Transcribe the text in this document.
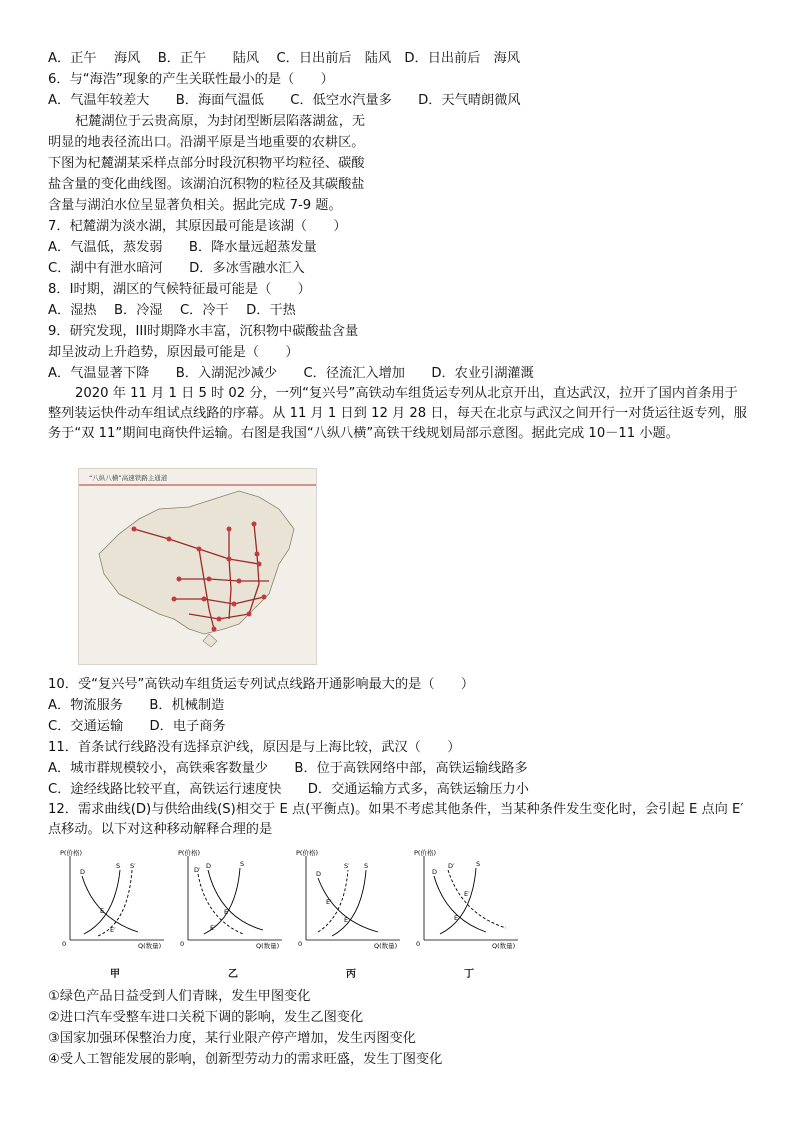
A．正午　 海风　 B．正午　　陆风　 C．日出前后　陆风　D．日出前后　海风
6．与“海浩”现象的产生关联性最小的是（　　）
A．气温年较差大　　B．海面气温低　　C．低空水汽量多　　D．天气晴朗微风
杞麓湖位于云贵高原，为封闭型断层陷落湖盆，无
明显的地表径流出口。沿湖平原是当地重要的农耕区。
下图为杞麓湖某采样点部分时段沉积物平均粒径、碳酸
盐含量的变化曲线图。该湖泊沉积物的粒径及其碳酸盐
含量与湖泊水位呈显著负相关。据此完成 7-9 题。
7．杞麓湖为淡水湖，其原因最可能是该湖（　　）
A．气温低，蒸发弱　　B．降水量远超蒸发量
C．湖中有泄水暗河　　D．多冰雪融水汇入
8．I时期，湖区的气候特征最可能是（　　）
A．湿热　 B．冷湿　 C．冷干　 D．干热
9．研究发现，III时期降水丰富，沉积物中碳酸盐含量
却呈波动上升趋势，原因最可能是（　　）
A．气温显著下降　　B．入湖泥沙减少　　C．径流汇入增加　　D．农业引湖灌溉
2020 年 11 月 1 日 5 时 02 分，一列“复兴号”高铁动车组货运专列从北京开出，直达武汉，拉开了国内首条用于整列装运快件动车组试点线路的序幕。从 11 月 1 日到 12 月 28 日，每天在北京与武汉之间开行一对货运往返专列，服务于“双 11”期间电商快件运输。右图是我国“八纵八横”高铁干线规划局部示意图。据此完成 10－11 小题。
“八纵八横”高速铁路主通道
10．受“复兴号”高铁动车组货运专列试点线路开通影响最大的是（　　）
A．物流服务　　B．机械制造
C．交通运输　　D．电子商务
11．首条试行线路没有选择京沪线，原因是与上海比较，武汉（　　）
A．城市群规模较小，高铁乘客数量少　　B．位于高铁网络中部，高铁运输线路多
C．途经线路比较平直，高铁运行速度快　　D．交通运输方式多，高铁运输压力小
12．需求曲线(D)与供给曲线(S)相交于 E 点(平衡点)。如果不考虑其他条件，当某种条件发生变化时，会引起 E 点向 E′点移动。以下对这种移动解释合理的是
P(价格)
0	Q(数量)
D
S S′
E
E′
甲
P(价格)
0	Q(数量)
D′ D	S
E
E′
乙
P(价格)
0	Q(数量)
D
S′ S
E′
E
丙
P(价格)
0	Q(数量)
D
D′	S
E′
E
丁
①绿色产品日益受到人们青睐，发生甲图变化
②进口汽车受整车进口关税下调的影响，发生乙图变化
③国家加强环保整治力度，某行业限产停产增加，发生丙图变化
④受人工智能发展的影响，创新型劳动力的需求旺盛，发生丁图变化
